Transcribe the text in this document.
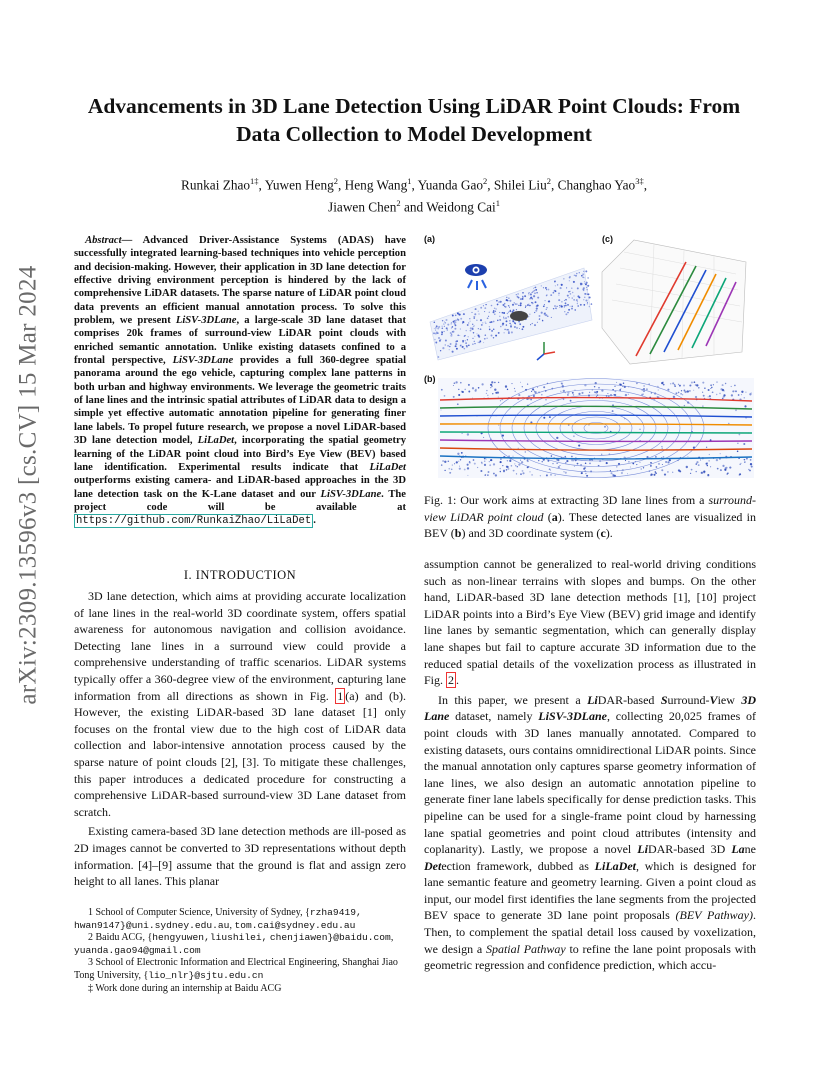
arXiv:2309.13596v3 [cs.CV] 15 Mar 2024
Advancements in 3D Lane Detection Using LiDAR Point Clouds: From
Data Collection to Model Development
Runkai Zhao$^{1\ddagger}$, Yuwen Heng$^2$, Heng Wang$^1$, Yuanda Gao$^2$, Shilei Liu$^2$, Changhao Yao$^{3\ddagger}$,
Jiawen Chen$^2$ and Weidong Cai$^1$
Abstract— Advanced Driver-Assistance Systems (ADAS) have successfully integrated learning-based techniques into vehicle perception and decision-making. However, their application in 3D lane detection for effective driving environment perception is hindered by the lack of comprehensive LiDAR datasets. The sparse nature of LiDAR point cloud data prevents an efficient manual annotation process. To solve this problem, we present LiSV-3DLane, a large-scale 3D lane dataset that comprises 20k frames of surround-view LiDAR point clouds with enriched semantic annotation. Unlike existing datasets confined to a frontal perspective, LiSV-3DLane provides a full 360-degree spatial panorama around the ego vehicle, capturing complex lane patterns in both urban and highway environments. We leverage the geometric traits of lane lines and the intrinsic spatial attributes of LiDAR data to design a simple yet effective automatic annotation pipeline for generating finer lane labels. To propel future research, we propose a novel LiDAR-based 3D lane detection model, LiLaDet, incorporating the spatial geometry learning of the LiDAR point cloud into Bird’s Eye View (BEV) based lane identification. Experimental results indicate that LiLaDet outperforms existing camera- and LiDAR-based approaches in the 3D lane detection task on the K-Lane dataset and our LiSV-3DLane. The project code will be available at https://github.com/RunkaiZhao/LiLaDet .
I. INTRODUCTION

3D lane detection, which aims at providing accurate localization of lane lines in the real-world 3D coordinate system, offers spatial awareness for autonomous navigation and collision avoidance. Detecting lane lines in a surround view could provide a comprehensive understanding of traffic scenarios. LiDAR systems typically offer a 360-degree view of the environment, capturing lane information from all directions as shown in Fig. 1 (a) and (b). However, the existing LiDAR-based 3D lane dataset [1] only focuses on the frontal view due to the high cost of LiDAR data collection and labor-intensive annotation process caused by the sparse nature of point clouds [2], [3]. To mitigate these challenges, this paper introduces a dedicated procedure for constructing a comprehensive LiDAR-based surround-view 3D Lane dataset from scratch.

Existing camera-based 3D lane detection methods are ill-posed as 2D images cannot be converted to 3D representations without depth information. [4]–[9] assume that the ground is flat and assign zero height to all lanes. This planar

1 School of Computer Science, University of Sydney, {rzha9419, hwan9147}@uni.sydney.edu.au, tom.cai@sydney.edu.au
2 Baidu ACG, {hengyuwen,liushilei, chenjiawen}@baidu.com, yuanda.gao94@gmail.com
3 School of Electronic Information and Electrical Engineering, Shanghai Jiao Tong University, {lio_nlr}@sjtu.edu.cn
‡ Work done during an internship at Baidu ACG
(a)	(c)
(b)
Fig. 1: Our work aims at extracting 3D lane lines from a surround-view LiDAR point cloud (a). These detected lanes are visualized in BEV (b) and 3D coordinate system (c).

assumption cannot be generalized to real-world driving conditions such as non-linear terrains with slopes and bumps. On the other hand, LiDAR-based 3D lane detection methods [1], [10] project LiDAR points into a Bird’s Eye View (BEV) grid image and identify line lanes by semantic segmentation, which can generally display lane shapes but fail to capture accurate 3D information due to the reduced spatial details of the voxelization process as illustrated in Fig. 2 .

In this paper, we present a LiDAR-based Surround-View 3D Lane dataset, namely LiSV-3DLane, collecting 20,025 frames of point clouds with 3D lanes manually annotated. Compared to existing datasets, ours contains omnidirectional LiDAR points. Since the manual annotation only captures sparse geometry information of lane lines, we also design an automatic annotation pipeline to generate finer lane labels specifically for dense prediction tasks. This pipeline can be used for a single-frame point cloud by harnessing lane spatial geometries and point cloud attributes (intensity and coplanarity). Lastly, we propose a novel LiDAR-based 3D Lane Detection framework, dubbed as LiLaDet, which is designed for lane semantic feature and geometry learning. Given a point cloud as input, our model first identifies the lane segments from the projected BEV space to generate 3D lane point proposals (BEV Pathway). Then, to complement the spatial detail loss caused by voxelization, we design a Spatial Pathway to refine the lane point proposals with geometric regression and confidence prediction, which accu-
